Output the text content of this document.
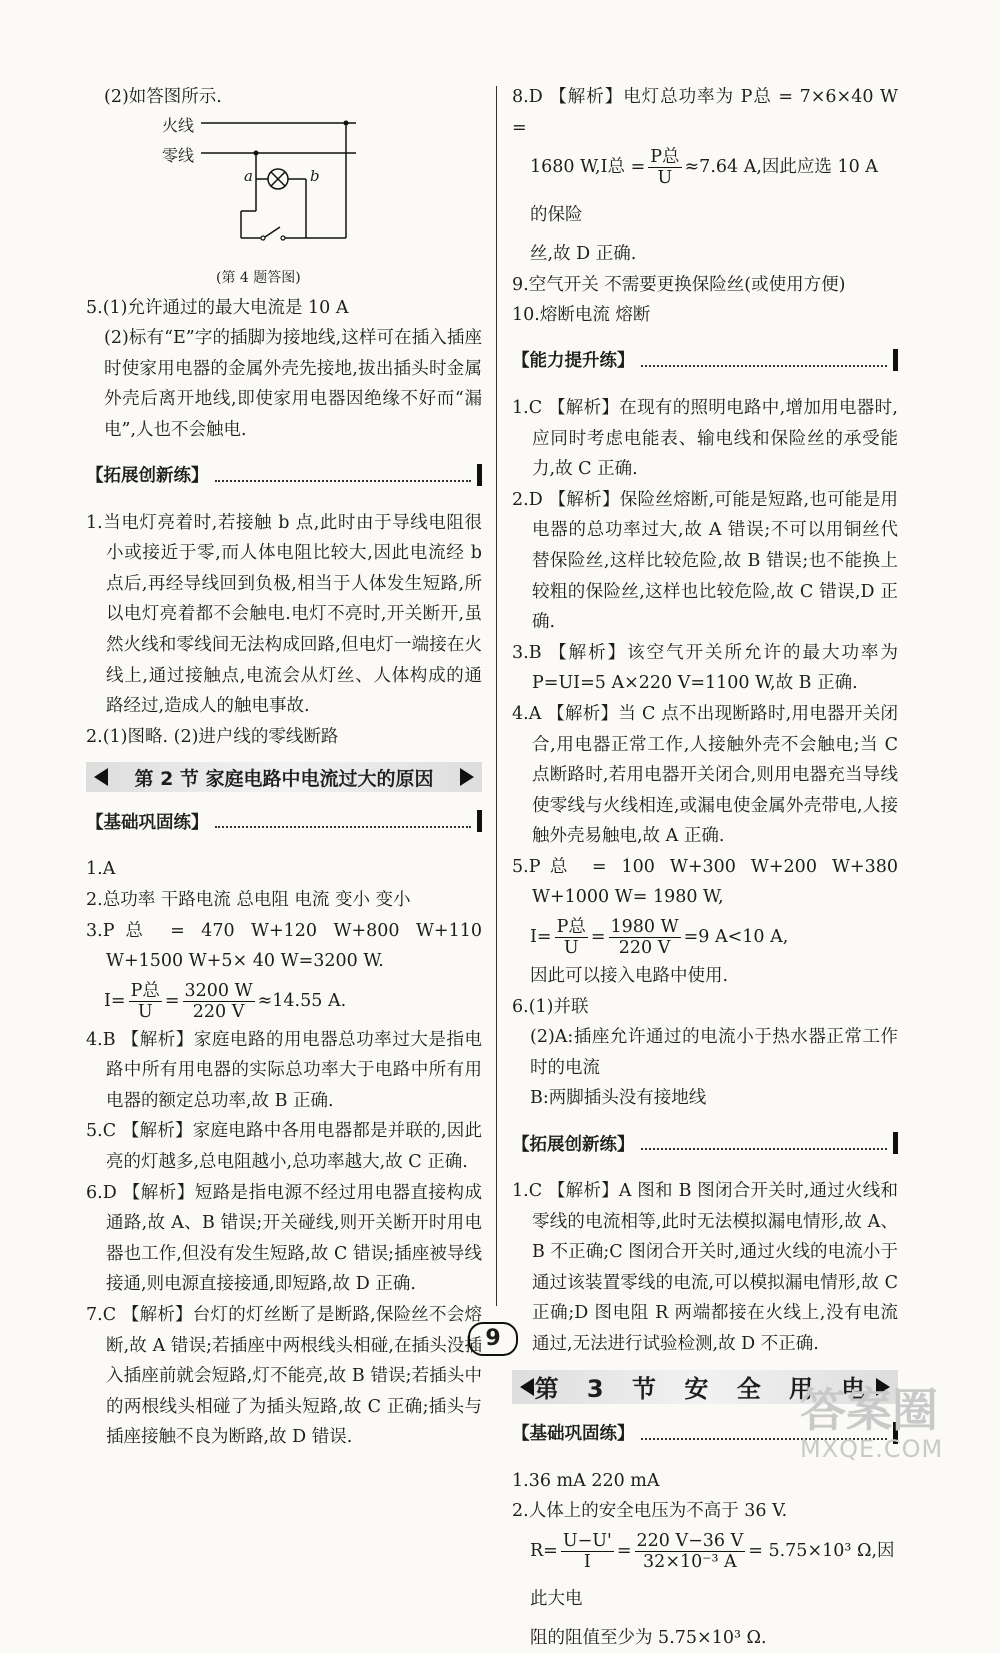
(2)如答图所示.

火线
零线
a	b
(第 4 题答图)

5.(1)允许通过的最大电流是 10 A

(2)标有“E”字的插脚为接地线,这样可在插入插座时使家用电器的金属外壳先接地,拔出插头时金属外壳后离开地线,即使家用电器因绝缘不好而“漏电”,人也不会触电.

【拓展创新练】

1.当电灯亮着时,若接触 b 点,此时由于导线电阻很小或接近于零,而人体电阻比较大,因此电流经 b 点后,再经导线回到负极,相当于人体发生短路,所以电灯亮着都不会触电.电灯不亮时,开关断开,虽然火线和零线间无法构成回路,但电灯一端接在火线上,通过接触点,电流会从灯丝、人体构成的通路经过,造成人的触电事故.

2.(1)图略. (2)进户线的零线断路

第 2 节 家庭电路中电流过大的原因
【基础巩固练】

1.A

2.总功率 干路电流 总电阻 电流 变小 变小

3.P总 = 470 W+120 W+800 W+110 W+1500 W+5× 40 W=3200 W.

$I= \frac{\text{P总}}{U} = \frac{3200 W}{220 V} \approx 14.55$ A.

4.B 【解析】家庭电路的用电器总功率过大是指电路中所有用电器的实际总功率大于电路中所有用电器的额定总功率,故 B 正确.

5.C 【解析】家庭电路中各用电器都是并联的,因此亮的灯越多,总电阻越小,总功率越大,故 C 正确.

6.D 【解析】短路是指电源不经过用电器直接构成通路,故 A、B 错误;开关碰线,则开关断开时用电器也工作,但没有发生短路,故 C 错误;插座被导线接通,则电源直接接通,即短路,故 D 正确.

7.C 【解析】台灯的灯丝断了是断路,保险丝不会熔断,故 A 错误;若插座中两根线头相碰,在插头没插入插座前就会短路,灯不能亮,故 B 错误;若插头中的两根线头相碰了为插头短路,故 C 正确;插头与插座接触不良为断路,故 D 错误.

8.D 【解析】电灯总功率为 P总 = 7×6×40 W =

1680 W,I总 = $\frac{\text{P总}}{U} \approx 7.64$ A,因此应选 10 A 的保险

丝,故 D 正确.

9.空气开关 不需要更换保险丝(或使用方便)

10.熔断电流 熔断

【能力提升练】

1.C 【解析】在现有的照明电路中,增加用电器时,应同时考虑电能表、输电线和保险丝的承受能力,故 C 正确.

2.D 【解析】保险丝熔断,可能是短路,也可能是用电器的总功率过大,故 A 错误;不可以用铜丝代替保险丝,这样比较危险,故 B 错误;也不能换上较粗的保险丝,这样也比较危险,故 C 错误,D 正确.

3.B 【解析】该空气开关所允许的最大功率为 P=UI=5 A×220 V=1100 W,故 B 正确.

4.A 【解析】当 C 点不出现断路时,用电器开关闭合,用电器正常工作,人接触外壳不会触电;当 C 点断路时,若用电器开关闭合,则用电器充当导线使零线与火线相连,或漏电使金属外壳带电,人接触外壳易触电,故 A 正确.

5.P总 = 100 W+300 W+200 W+380 W+1000 W= 1980 W,

$I= \frac{\text{P总}}{U} = \frac{1980 W}{220 V} =9$ A<10 A,

因此可以接入电路中使用.

6.(1)并联

(2)A:插座允许通过的电流小于热水器正常工作时的电流

B:两脚插头没有接地线

【拓展创新练】

1.C 【解析】A 图和 B 图闭合开关时,通过火线和零线的电流相等,此时无法模拟漏电情形,故 A、B 不正确;C 图闭合开关时,通过火线的电流小于通过该装置零线的电流,可以模拟漏电情形,故 C 正确;D 图电阻 R 两端都接在火线上,没有电流通过,无法进行试验检测,故 D 不正确.

第 3 节 安 全 用 电
【基础巩固练】

1.36 mA 220 mA

2.人体上的安全电压为不高于 36 V.

$R= \frac{U-U'}{I} = \frac{220 V-36 V}{\text{32×10⁻³ A}} = 5.75\times 10^3$ Ω,因此大电

阻的阻值至少为 5.75×10³ Ω.

9
答案圈
MXQE.COM
